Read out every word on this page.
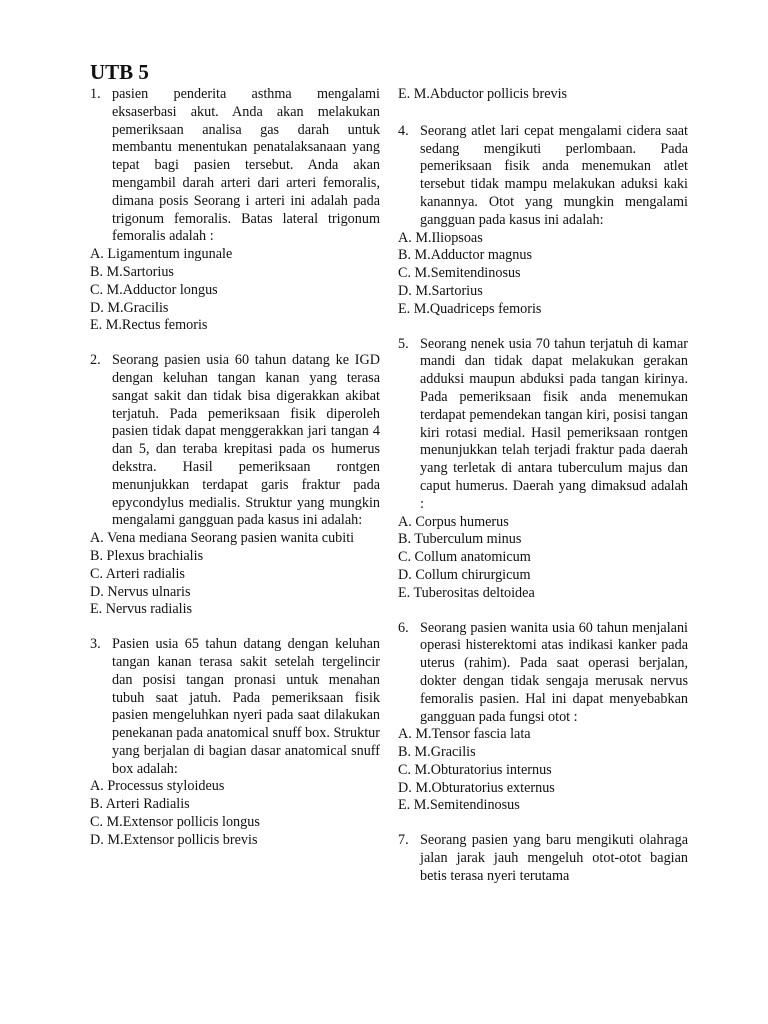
UTB 5
1. pasien penderita asthma mengalami eksaserbasi akut. Anda akan melakukan pemeriksaan analisa gas darah untuk membantu menentukan penatalaksanaan yang tepat bagi pasien tersebut. Anda akan mengambil darah arteri dari arteri femoralis, dimana posis Seorang i arteri ini adalah pada trigonum femoralis. Batas lateral trigonum femoralis adalah :
A. Ligamentum ingunale
B. M.Sartorius
C. M.Adductor longus
D. M.Gracilis
E. M.Rectus femoris
2. Seorang pasien usia 60 tahun datang ke IGD dengan keluhan tangan kanan yang terasa sangat sakit dan tidak bisa digerakkan akibat terjatuh. Pada pemeriksaan fisik diperoleh pasien tidak dapat menggerakkan jari tangan 4 dan 5, dan teraba krepitasi pada os humerus dekstra. Hasil pemeriksaan rontgen menunjukkan terdapat garis fraktur pada epycondylus medialis. Struktur yang mungkin mengalami gangguan pada kasus ini adalah:
A. Vena mediana Seorang pasien wanita cubiti
B. Plexus brachialis
C. Arteri radialis
D. Nervus ulnaris
E. Nervus radialis
3. Pasien usia 65 tahun datang dengan keluhan tangan kanan terasa sakit setelah tergelincir dan posisi tangan pronasi untuk menahan tubuh saat jatuh. Pada pemeriksaan fisik pasien mengeluhkan nyeri pada saat dilakukan penekanan pada anatomical snuff box. Struktur yang berjalan di bagian dasar anatomical snuff box adalah:
A. Processus styloideus
B. Arteri Radialis
C. M.Extensor pollicis longus
D. M.Extensor pollicis brevis
E. M.Abductor pollicis brevis
4. Seorang atlet lari cepat mengalami cidera saat sedang mengikuti perlombaan. Pada pemeriksaan fisik anda menemukan atlet tersebut tidak mampu melakukan aduksi kaki kanannya. Otot yang mungkin mengalami gangguan pada kasus ini adalah:
A. M.Iliopsoas
B. M.Adductor magnus
C. M.Semitendinosus
D. M.Sartorius
E. M.Quadriceps femoris
5. Seorang nenek usia 70 tahun terjatuh di kamar mandi dan tidak dapat melakukan gerakan adduksi maupun abduksi pada tangan kirinya. Pada pemeriksaan fisik anda menemukan terdapat pemendekan tangan kiri, posisi tangan kiri rotasi medial. Hasil pemeriksaan rontgen menunjukkan telah terjadi fraktur pada daerah yang terletak di antara tuberculum majus dan caput humerus. Daerah yang dimaksud adalah :
A. Corpus humerus
B. Tuberculum minus
C. Collum anatomicum
D. Collum chirurgicum
E. Tuberositas deltoidea
6. Seorang pasien wanita usia 60 tahun menjalani operasi histerektomi atas indikasi kanker pada uterus (rahim). Pada saat operasi berjalan, dokter dengan tidak sengaja merusak nervus femoralis pasien. Hal ini dapat menyebabkan gangguan pada fungsi otot :
A. M.Tensor fascia lata
B. M.Gracilis
C. M.Obturatorius internus
D. M.Obturatorius externus
E. M.Semitendinosus
7. Seorang pasien yang baru mengikuti olahraga jalan jarak jauh mengeluh otot-otot bagian betis terasa nyeri terutama
